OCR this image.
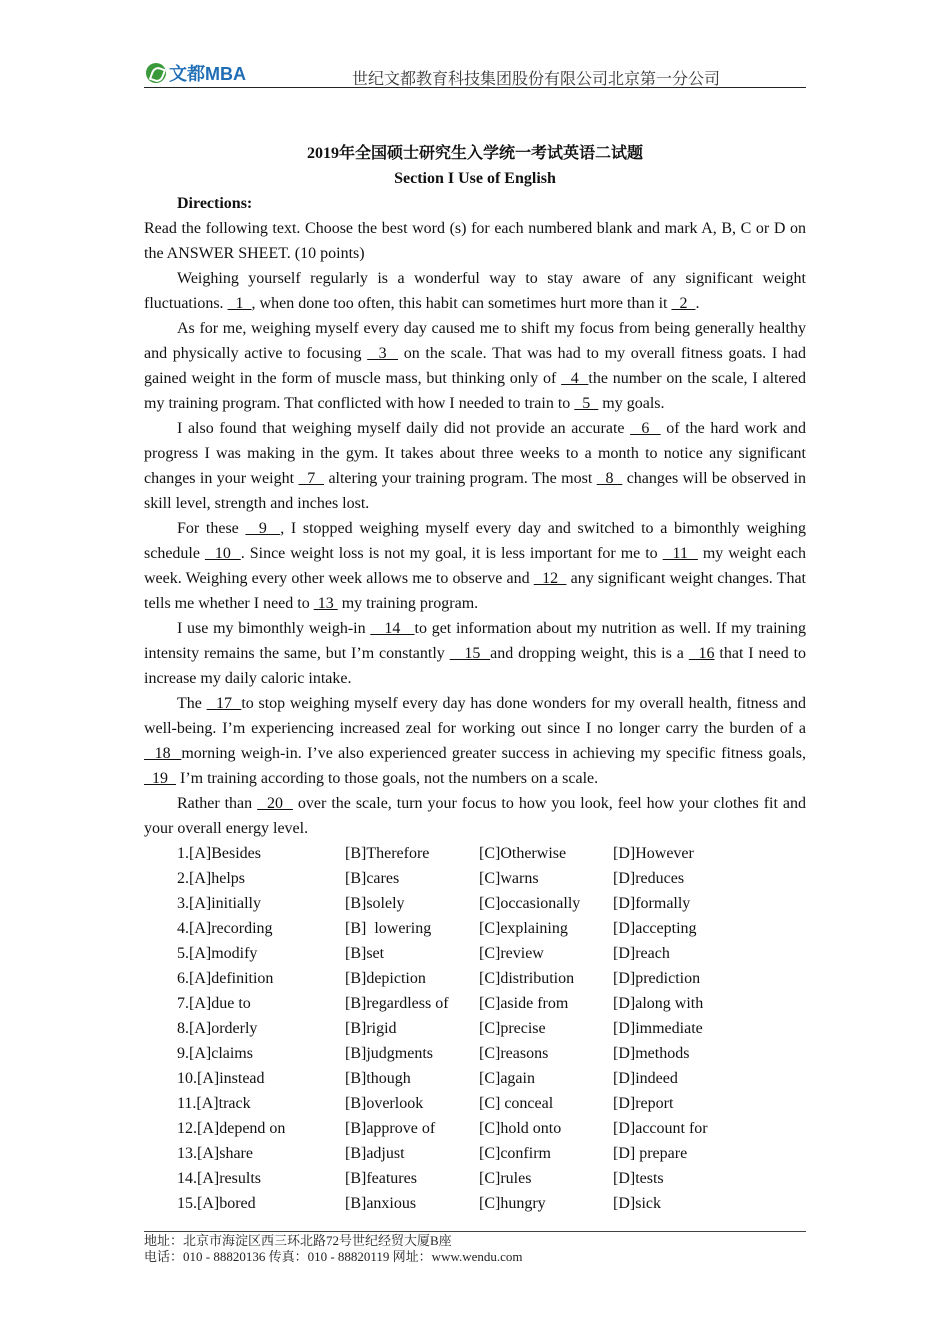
文都MBA	世纪文都教育科技集团股份有限公司北京第一分公司
2019年全国硕士研究生入学统一考试英语二试题
Section I Use of English
Directions:

Read the following text. Choose the best word (s) for each numbered blank and mark A, B, C or D on the ANSWER SHEET. (10 points)

Weighing yourself regularly is a wonderful way to stay aware of any significant weight fluctuations.   1  , when done too often, this habit can sometimes hurt more than it   2  .

As for me, weighing myself every day caused me to shift my focus from being generally healthy and physically active to focusing   3   on the scale. That was had to my overall fitness goats. I had gained weight in the form of muscle mass, but thinking only of   4  the number on the scale, I altered my training program. That conflicted with how I needed to train to   5   my goals.

I also found that weighing myself daily did not provide an accurate   6   of the hard work and progress I was making in the gym. It takes about three weeks to a month to notice any significant changes in your weight   7   altering your training program. The most   8   changes will be observed in skill level, strength and inches lost.

For these   9  , I stopped weighing myself every day and switched to a bimonthly weighing schedule   10  . Since weight loss is not my goal, it is less important for me to   11   my weight each week. Weighing every other week allows me to observe and   12   any significant weight changes. That tells me whether I need to  13  my training program.

I use my bimonthly weigh-in    14   to get information about my nutrition as well. If my training intensity remains the same, but I’m constantly    15  and dropping weight, this is a   16 that I need to increase my daily caloric intake.

The   17  to stop weighing myself every day has done wonders for my overall health, fitness and well-being. I’m experiencing increased zeal for working out since I no longer carry the burden of a   18  morning weigh-in. I’ve also experienced greater success in achieving my specific fitness goals,   19   I’m training according to those goals, not the numbers on a scale.

Rather than   20   over the scale, turn your focus to how you look, feel how your clothes fit and your overall energy level.

1.[A]Besides	[B]Therefore	[C]Otherwise	[D]However
2.[A]helps	[B]cares	[C]warns	[D]reduces
3.[A]initially	[B]solely	[C]occasionally	[D]formally
4.[A]recording	[B]  lowering	[C]explaining	[D]accepting
5.[A]modify	[B]set	[C]review	[D]reach
6.[A]definition	[B]depiction	[C]distribution	[D]prediction
7.[A]due to	[B]regardless of	[C]aside from	[D]along with
8.[A]orderly	[B]rigid	[C]precise	[D]immediate
9.[A]claims	[B]judgments	[C]reasons	[D]methods
10.[A]instead	[B]though	[C]again	[D]indeed
11.[A]track	[B]overlook	[C] conceal	[D]report
12.[A]depend on	[B]approve of	[C]hold onto	[D]account for
13.[A]share	[B]adjust	[C]confirm	[D] prepare
14.[A]results	[B]features	[C]rules	[D]tests
15.[A]bored	[B]anxious	[C]hungry	[D]sick
地址：北京市海淀区西三环北路72号世纪经贸大厦B座
电话：010 - 88820136 传真：010 - 88820119 网址：www.wendu.com
